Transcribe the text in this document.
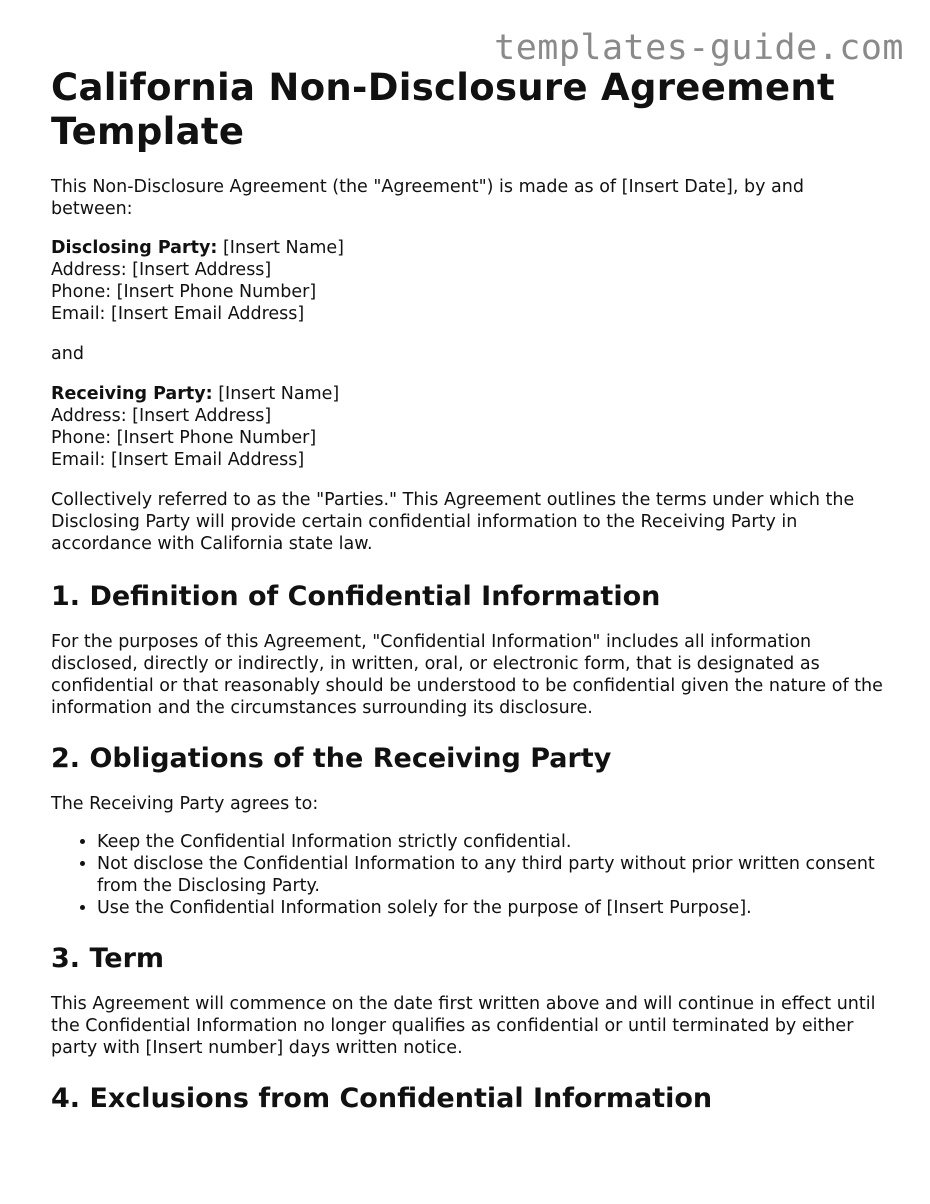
templates-guide.com
California Non-Disclosure Agreement Template

This Non-Disclosure Agreement (the "Agreement") is made as of [Insert Date], by and between:

Disclosing Party: [Insert Name]
Address: [Insert Address]
Phone: [Insert Phone Number]
Email: [Insert Email Address]

and

Receiving Party: [Insert Name]
Address: [Insert Address]
Phone: [Insert Phone Number]
Email: [Insert Email Address]

Collectively referred to as the "Parties." This Agreement outlines the terms under which the Disclosing Party will provide certain confidential information to the Receiving Party in accordance with California state law.

1. Definition of Confidential Information

For the purposes of this Agreement, "Confidential Information" includes all information disclosed, directly or indirectly, in written, oral, or electronic form, that is designated as confidential or that reasonably should be understood to be confidential given the nature of the information and the circumstances surrounding its disclosure.

2. Obligations of the Receiving Party

The Receiving Party agrees to:

• Keep the Confidential Information strictly confidential.
• Not disclose the Confidential Information to any third party without prior written consent from the Disclosing Party.
• Use the Confidential Information solely for the purpose of [Insert Purpose].
3. Term

This Agreement will commence on the date first written above and will continue in effect until the Confidential Information no longer qualifies as confidential or until terminated by either party with [Insert number] days written notice.

4. Exclusions from Confidential Information
